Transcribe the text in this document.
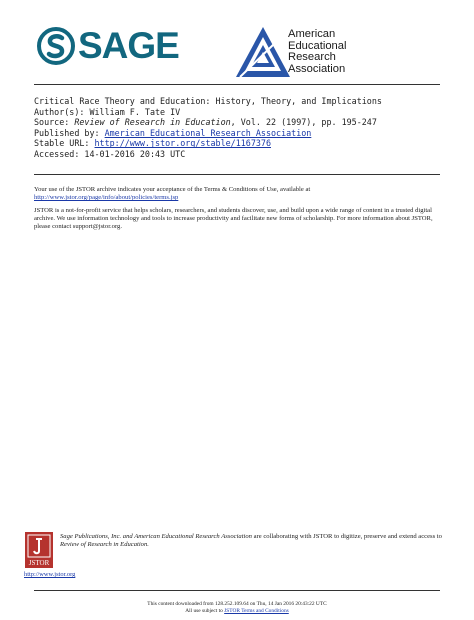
SAGE	American
Educational
Research
Association
Critical Race Theory and Education: History, Theory, and Implications
Author(s): William F. Tate IV
Source: Review of Research in Education, Vol. 22 (1997), pp. 195-247
Published by: American Educational Research Association
Stable URL: http://www.jstor.org/stable/1167376
Accessed: 14-01-2016 20:43 UTC

Your use of the JSTOR archive indicates your acceptance of the Terms & Conditions of Use, available at http://www.jstor.org/page/info/about/policies/terms.jsp

JSTOR is a not-for-profit service that helps scholars, researchers, and students discover, use, and build upon a wide range of content in a trusted digital archive. We use information technology and tools to increase productivity and facilitate new forms of scholarship. For more information about JSTOR, please contact support@jstor.org.

JSTOR
Sage Publications, Inc. and American Educational Research Association are collaborating with JSTOR to digitize, preserve and extend access to Review of Research in Education.
http://www.jstor.org
This content downloaded from 128.252.109.64 on Thu, 14 Jan 2016 20:43:22 UTC
All use subject to JSTOR Terms and Conditions
